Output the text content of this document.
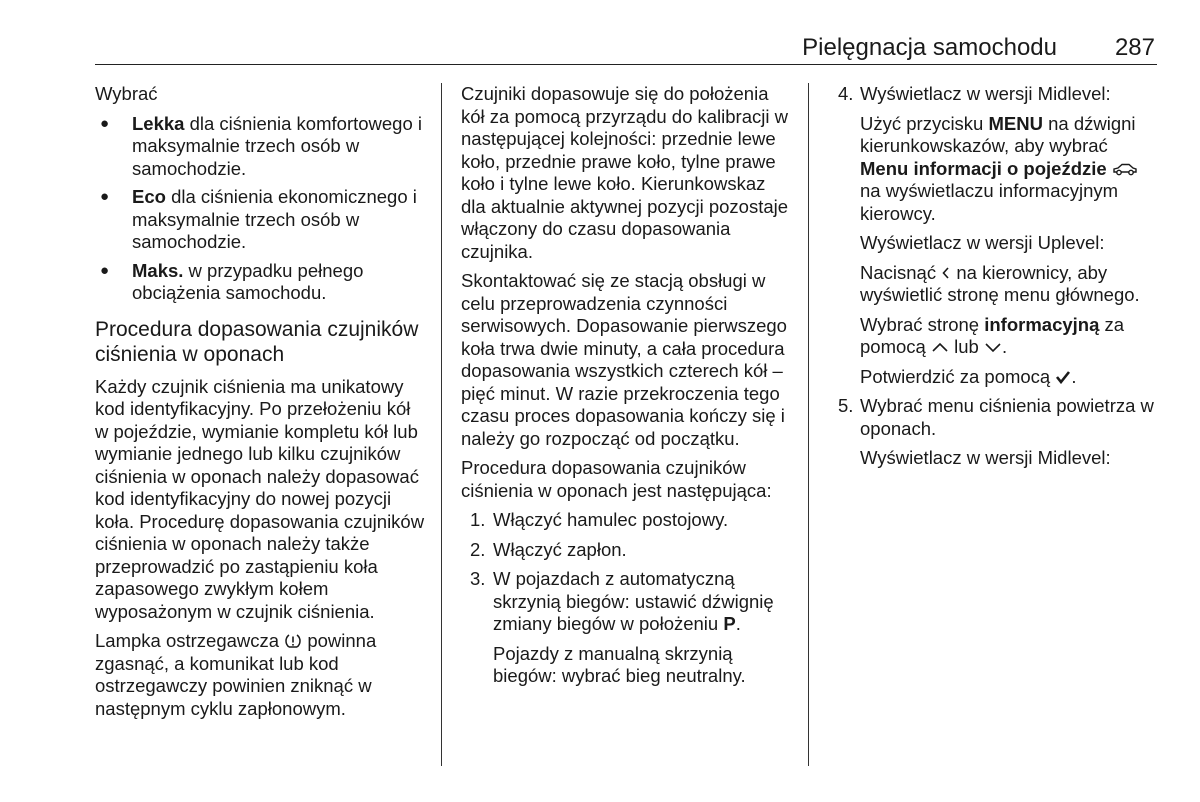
Pielęgnacja samochodu 287

Wybrać

● Lekka dla ciśnienia komfortowego i maksymalnie trzech osób w samochodzie.
● Eco dla ciśnienia ekonomicznego i maksymalnie trzech osób w samochodzie.
● Maks. w przypadku pełnego obciążenia samochodu.
Procedura dopasowania czujników ciśnienia w oponach

Każdy czujnik ciśnienia ma unikatowy kod identyfikacyjny. Po przełożeniu kół w pojeździe, wymianie kompletu kół lub wymianie jednego lub kilku czujników ciśnienia w oponach należy dopasować kod identyfikacyjny do nowej pozycji koła. Procedurę dopasowania czujników ciśnienia w oponach należy także przeprowadzić po zastąpieniu koła zapasowego zwykłym kołem wyposażonym w czujnik ciśnienia.

Lampka ostrzegawcza  powinna zgasnąć, a komunikat lub kod ostrzegawczy powinien zniknąć w następnym cyklu zapłonowym.

Czujniki dopasowuje się do położenia kół za pomocą przyrządu do kalibracji w następującej kolejności: przednie lewe koło, przednie prawe koło, tylne prawe koło i tylne lewe koło. Kierunkowskaz dla aktualnie aktywnej pozycji pozostaje włączony do czasu dopasowania czujnika.

Skontaktować się ze stacją obsługi w celu przeprowadzenia czynności serwisowych. Dopasowanie pierwszego koła trwa dwie minuty, a cała procedura dopasowania wszystkich czterech kół – pięć minut. W razie przekroczenia tego czasu proces dopasowania kończy się i należy go rozpocząć od początku.

Procedura dopasowania czujników ciśnienia w oponach jest następująca:

1. Włączyć hamulec postojowy.
2. Włączyć zapłon.
3. W pojazdach z automatyczną skrzynią biegów: ustawić dźwignię zmiany biegów w położeniu P.

Pojazdy z manualną skrzynią biegów: wybrać bieg neutralny.

4. Wyświetlacz w wersji Midlevel:

Użyć przycisku MENU na dźwigni kierunkowskazów, aby wybrać Menu informacji o pojeździe  na wyświetlaczu informacyjnym kierowcy.

Wyświetlacz w wersji Uplevel:

Nacisnąć  na kierownicy, aby wyświetlić stronę menu głównego.

Wybrać stronę informacyjną za pomocą  lub .

Potwierdzić za pomocą .

5. Wybrać menu ciśnienia powietrza w oponach.

Wyświetlacz w wersji Midlevel:
